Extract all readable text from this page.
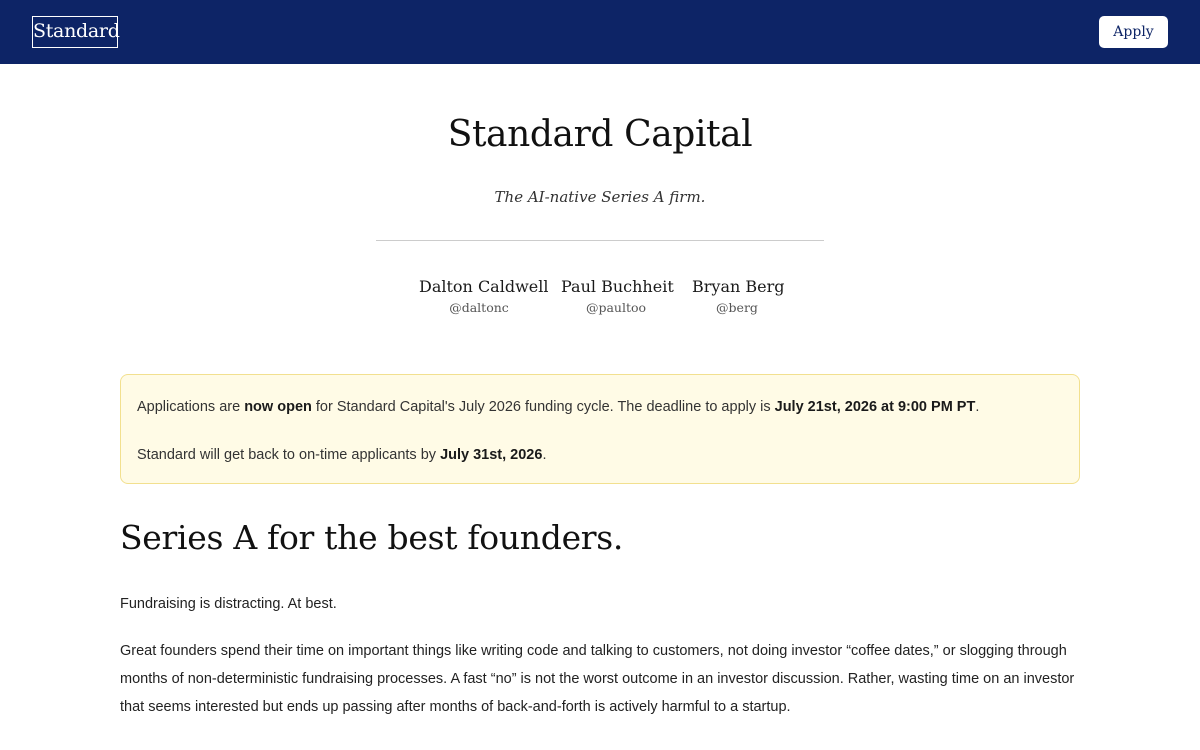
Standard	Apply
Standard Capital

The AI-native Series A firm.

Dalton Caldwell
@daltonc
Paul Buchheit
@paultoo
Bryan Berg
@berg

Applications are now open for Standard Capital's July 2026 funding cycle. The deadline to apply is July 21st, 2026 at 9:00 PM PT.

Standard will get back to on-time applicants by July 31st, 2026.

Series A for the best founders.

Fundraising is distracting. At best.

Great founders spend their time on important things like writing code and talking to customers, not doing investor “coffee dates,” or slogging through months of non-deterministic fundraising processes. A fast “no” is not the worst outcome in an investor discussion. Rather, wasting time on an investor that seems interested but ends up passing after months of back-and-forth is actively harmful to a startup.
